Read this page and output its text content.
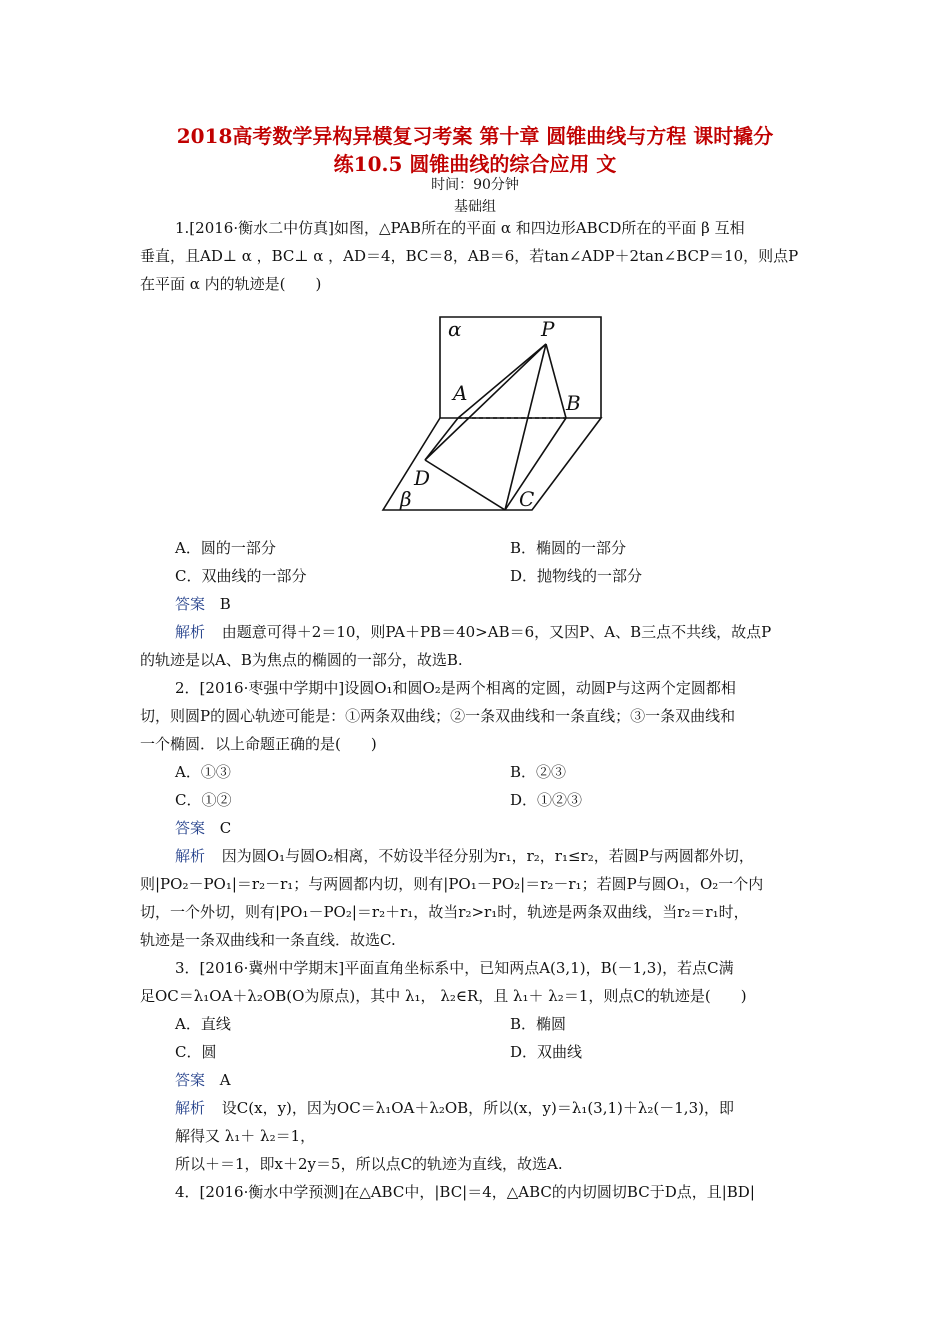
2018高考数学异构异模复习考案 第十章 圆锥曲线与方程 课时撬分
练10.5 圆锥曲线的综合应用 文
时间：90分钟
基础组
1.[2016·衡水二中仿真]如图，△PAB所在的平面 α 和四边形ABCD所在的平面 β 互相
垂直，且AD⊥ α ，BC⊥ α ，AD＝4，BC＝8，AB＝6，若tan∠ADP＋2tan∠BCP＝10，则点P
在平面 α 内的轨迹是(　　)
α	P
A	B
D
C
β
A．圆的一部分	B．椭圆的一部分
C．双曲线的一部分	D．抛物线的一部分
答案 B
解析 由题意可得＋2＝10，则PA＋PB＝40>AB＝6，又因P、A、B三点不共线，故点P
的轨迹是以A、B为焦点的椭圆的一部分，故选B.
2．[2016·枣强中学期中]设圆O₁和圆O₂是两个相离的定圆，动圆P与这两个定圆都相
切，则圆P的圆心轨迹可能是：①两条双曲线；②一条双曲线和一条直线；③一条双曲线和
一个椭圆．以上命题正确的是(　　)
A．①③	B．②③
C．①②	D．①②③
答案 C
解析 因为圆O₁与圆O₂相离，不妨设半径分别为r₁，r₂，r₁≤r₂，若圆P与两圆都外切，
则|PO₂－PO₁|＝r₂－r₁；与两圆都内切，则有|PO₁－PO₂|＝r₂－r₁；若圆P与圆O₁，O₂一个内
切，一个外切，则有|PO₁－PO₂|＝r₂＋r₁，故当r₂>r₁时，轨迹是两条双曲线，当r₂＝r₁时，
轨迹是一条双曲线和一条直线．故选C.
3．[2016·冀州中学期末]平面直角坐标系中，已知两点A(3,1)，B(－1,3)，若点C满
足OC＝λ₁OA＋λ₂OB(O为原点)，其中 λ₁， λ₂∈R，且 λ₁＋ λ₂＝1，则点C的轨迹是(　　)
A．直线	B．椭圆
C．圆	D．双曲线
答案 A
解析 设C(x，y)，因为OC＝λ₁OA＋λ₂OB，所以(x，y)＝λ₁(3,1)＋λ₂(－1,3)，即
解得又 λ₁＋ λ₂＝1，
所以＋＝1，即x＋2y＝5，所以点C的轨迹为直线，故选A.
4．[2016·衡水中学预测]在△ABC中，|BC|＝4，△ABC的内切圆切BC于D点，且|BD|
